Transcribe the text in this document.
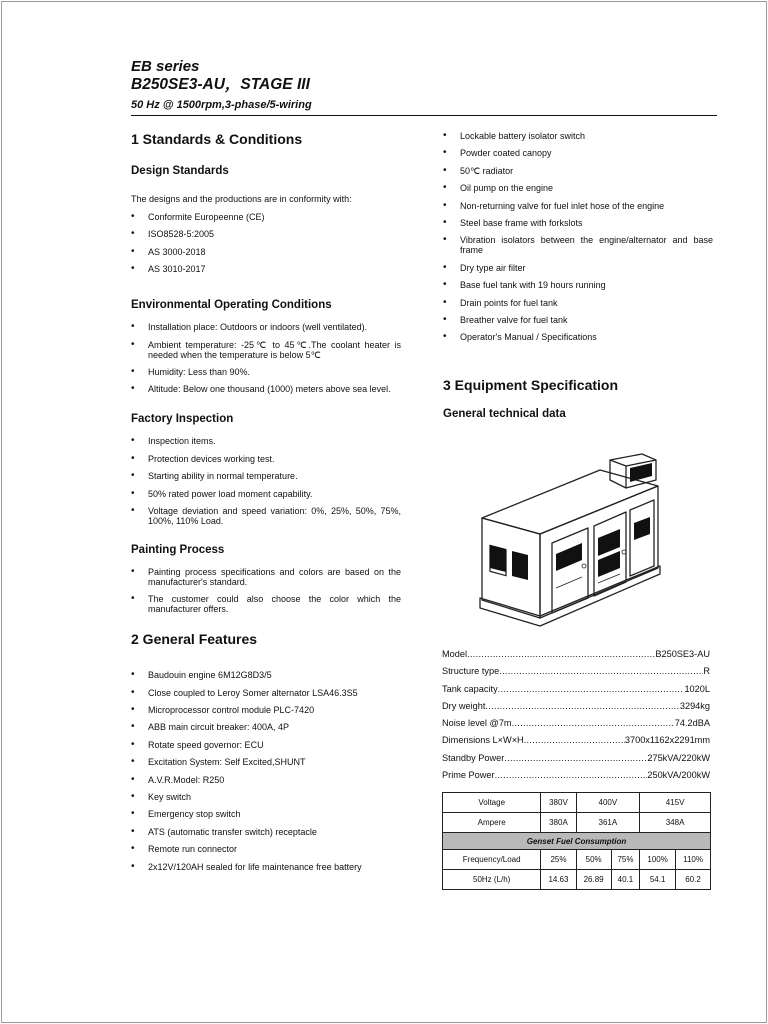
EB series
B250SE3-AU，STAGE III
50 Hz @ 1500rpm,3-phase/5-wiring
1 Standards & Conditions
Design Standards

The designs and the productions are in conformity with:

• Conformite Europeenne (CE)
• ISO8528-5:2005
• AS 3000-2018
• AS 3010-2017
Environmental Operating Conditions
• Installation place: Outdoors or indoors (well ventilated).
• Ambient temperature: -25℃ to 45℃.The coolant heater is needed when the temperature is below 5℃
• Humidity: Less than 90%.
• Altitude: Below one thousand (1000) meters above sea level.
Factory Inspection
• Inspection items.
• Protection devices working test.
• Starting ability in normal temperature.
• 50% rated power load moment capability.
• Voltage deviation and speed variation: 0%, 25%, 50%, 75%, 100%, 110% Load.
Painting Process
• Painting process specifications and colors are based on the manufacturer's standard.
• The customer could also choose the color which the manufacturer offers.
2 General Features
• Baudouin engine 6M12G8D3/5
• Close coupled to Leroy Somer alternator LSA46.3S5
• Microprocessor control module PLC-7420
• ABB main circuit breaker: 400A, 4P
• Rotate speed governor: ECU
• Excitation System: Self Excited,SHUNT
• A.V.R.Model: R250
• Key switch
• Emergency stop switch
• ATS (automatic transfer switch) receptacle
• Remote run connector
• 2x12V/120AH sealed for life maintenance free battery
• Lockable battery isolator switch
• Powder coated canopy
• 50℃ radiator
• Oil pump on the engine
• Non-returning valve for fuel inlet hose of the engine
• Steel base frame with forkslots
• Vibration isolators between the engine/alternator and base frame
• Dry type air filter
• Base fuel tank with 19 hours running
• Drain points for fuel tank
• Breather valve for fuel tank
• Operator's Manual / Specifications
3 Equipment Specification
General technical data
Model .....	B250SE3-AU
Structure type .....	R
Tank capacity .....	1020L
Dry weight .....	3294kg
Noise level @7m .....	74.2dBA
Dimensions L×W×H .....	3700x1162x2291mm
Standby Power .....	275kVA/220kW
Prime Power .....	250kVA/200kW
Voltage	380V	400V		415V	
Ampere	380A	361A		348A	
Genset Fuel Consumption					
Frequency/Load	25%	50%	75%	100%	110%
50Hz (L/h)	14.63	26.89	40.1	54.1	60.2
